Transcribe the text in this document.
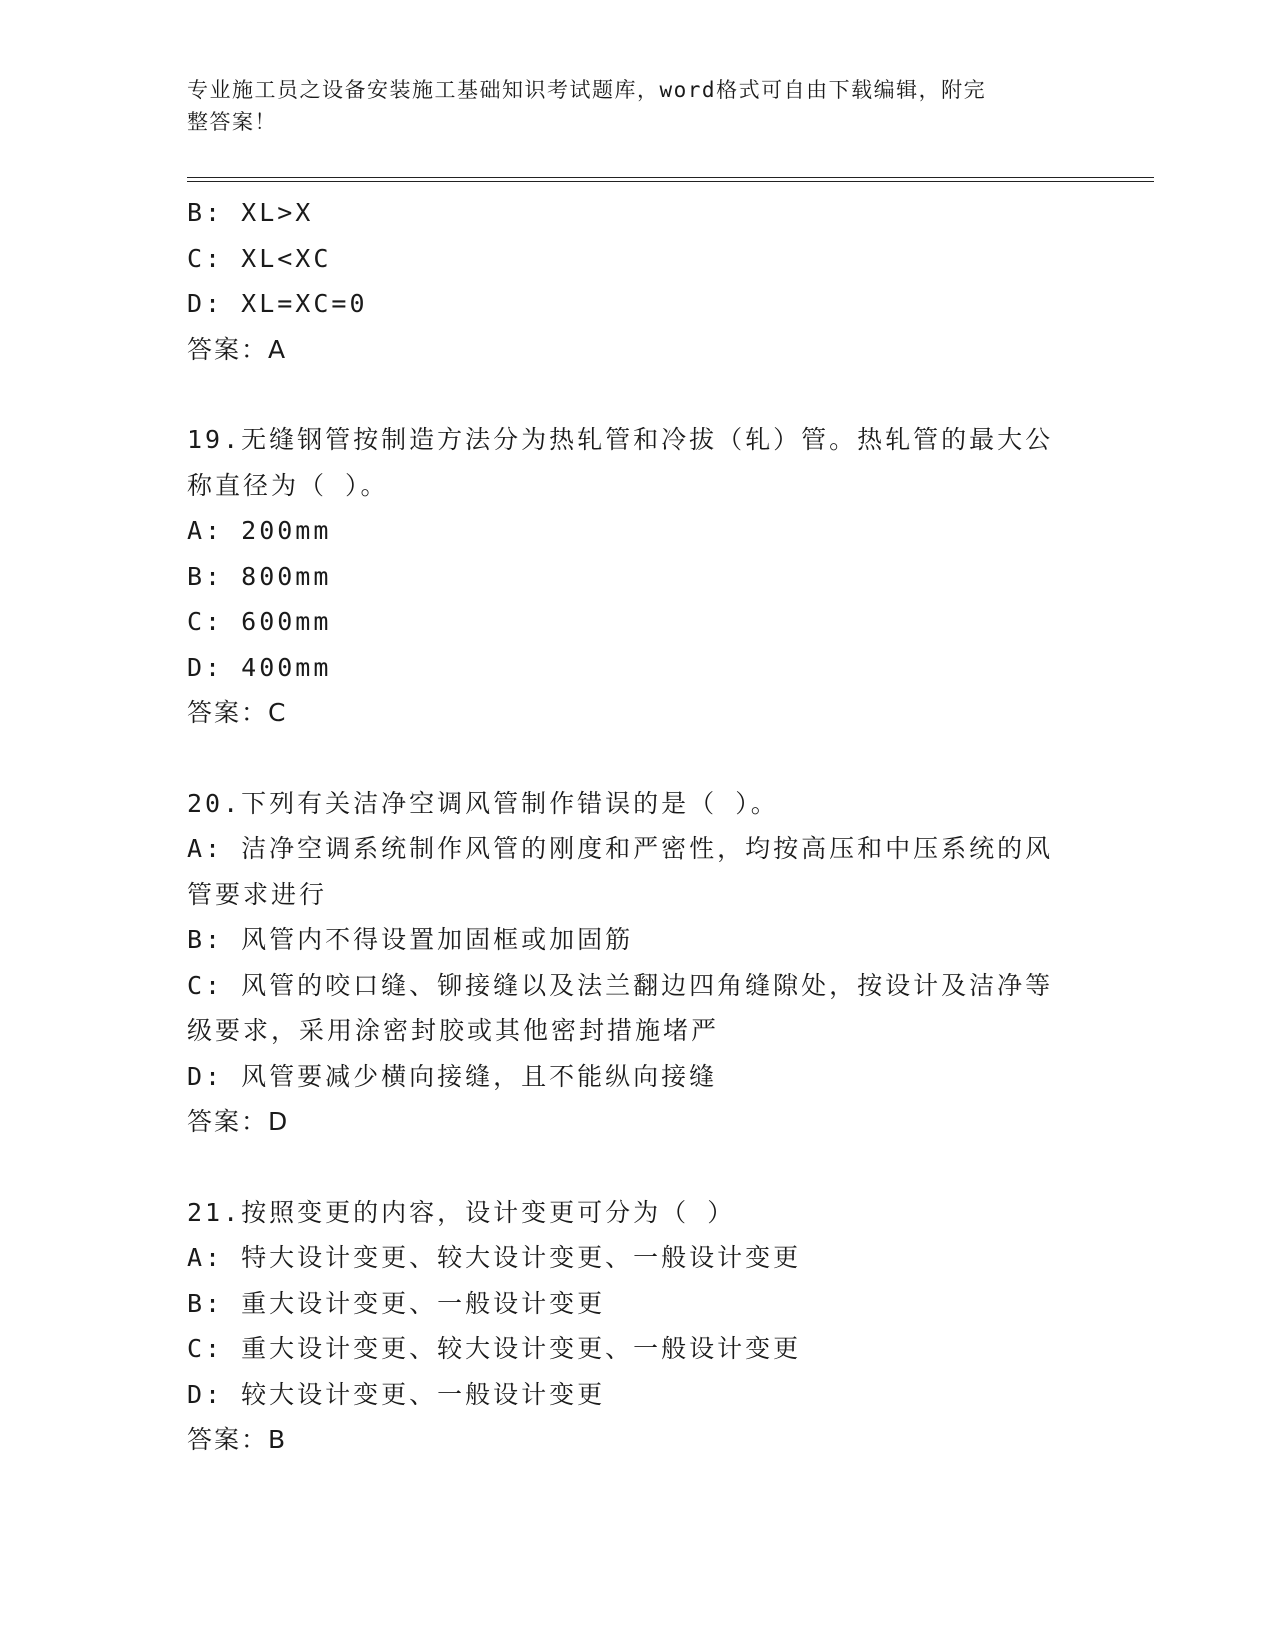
专业施工员之设备安装施工基础知识考试题库，word格式可自由下载编辑，附完
整答案！
B: XL>X
C: XL<XC
D: XL=XC=0
答案：A
19.无缝钢管按制造方法分为热轧管和冷拔（轧）管。热轧管的最大公
称直径为（ ）。
A: 200mm
B: 800mm
C: 600mm
D: 400mm
答案：C
20.下列有关洁净空调风管制作错误的是（ ）。
A: 洁净空调系统制作风管的刚度和严密性，均按高压和中压系统的风
管要求进行
B: 风管内不得设置加固框或加固筋
C: 风管的咬口缝、铆接缝以及法兰翻边四角缝隙处，按设计及洁净等
级要求，采用涂密封胶或其他密封措施堵严
D: 风管要减少横向接缝，且不能纵向接缝
答案：D
21.按照变更的内容，设计变更可分为（ ）
A: 特大设计变更、较大设计变更、一般设计变更
B: 重大设计变更、一般设计变更
C: 重大设计变更、较大设计变更、一般设计变更
D: 较大设计变更、一般设计变更
答案：B
